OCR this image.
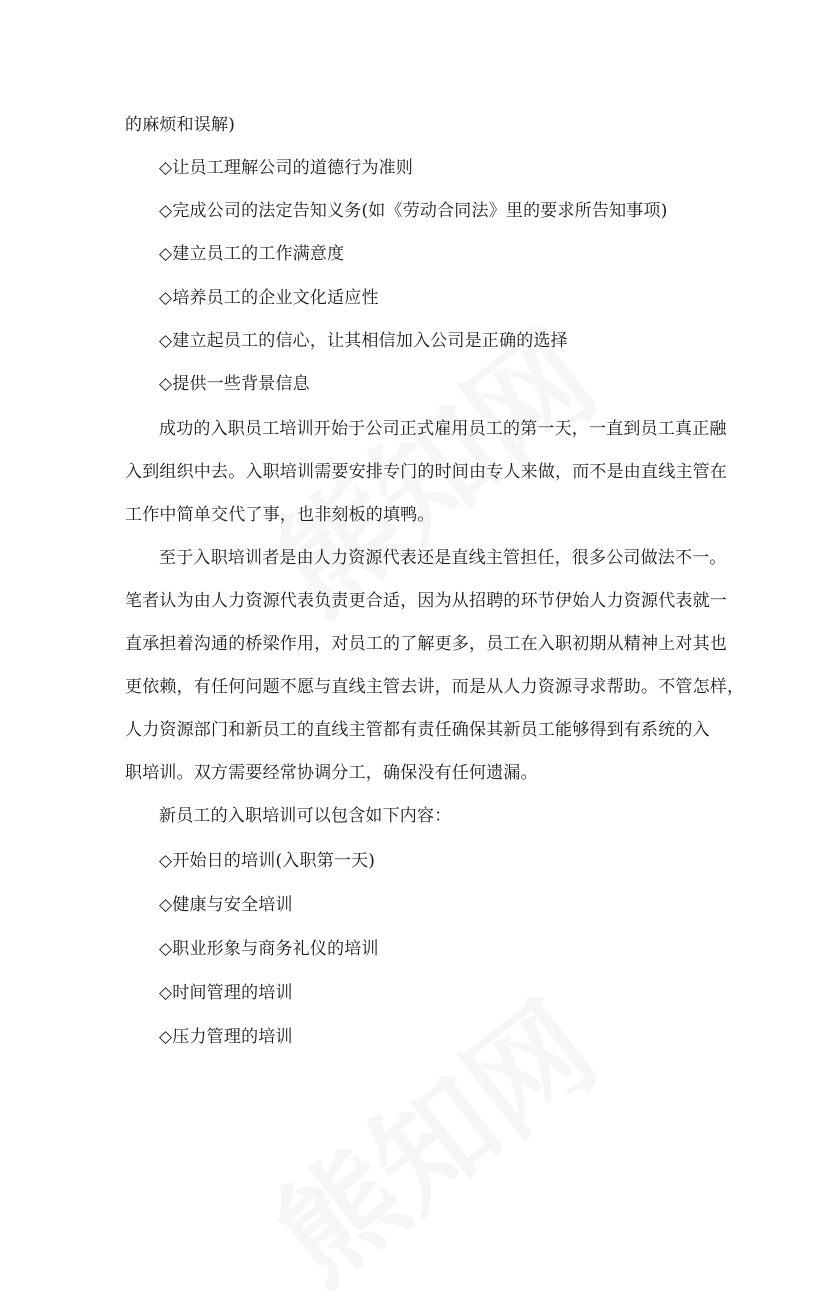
的麻烦和误解)
◇让员工理解公司的道德行为准则
◇完成公司的法定告知义务(如《劳动合同法》里的要求所告知事项)
◇建立员工的工作满意度
◇培养员工的企业文化适应性
◇建立起员工的信心，让其相信加入公司是正确的选择
◇提供一些背景信息
成功的入职员工培训开始于公司正式雇用员工的第一天，一直到员工真正融
入到组织中去。入职培训需要安排专门的时间由专人来做，而不是由直线主管在
工作中简单交代了事，也非刻板的填鸭。
至于入职培训者是由人力资源代表还是直线主管担任，很多公司做法不一。
笔者认为由人力资源代表负责更合适，因为从招聘的环节伊始人力资源代表就一
直承担着沟通的桥梁作用，对员工的了解更多，员工在入职初期从精神上对其也
更依赖，有任何问题不愿与直线主管去讲，而是从人力资源寻求帮助。不管怎样，
人力资源部门和新员工的直线主管都有责任确保其新员工能够得到有系统的入
职培训。双方需要经常协调分工，确保没有任何遗漏。
新员工的入职培训可以包含如下内容：
◇开始日的培训(入职第一天)
◇健康与安全培训
◇职业形象与商务礼仪的培训
◇时间管理的培训
◇压力管理的培训
